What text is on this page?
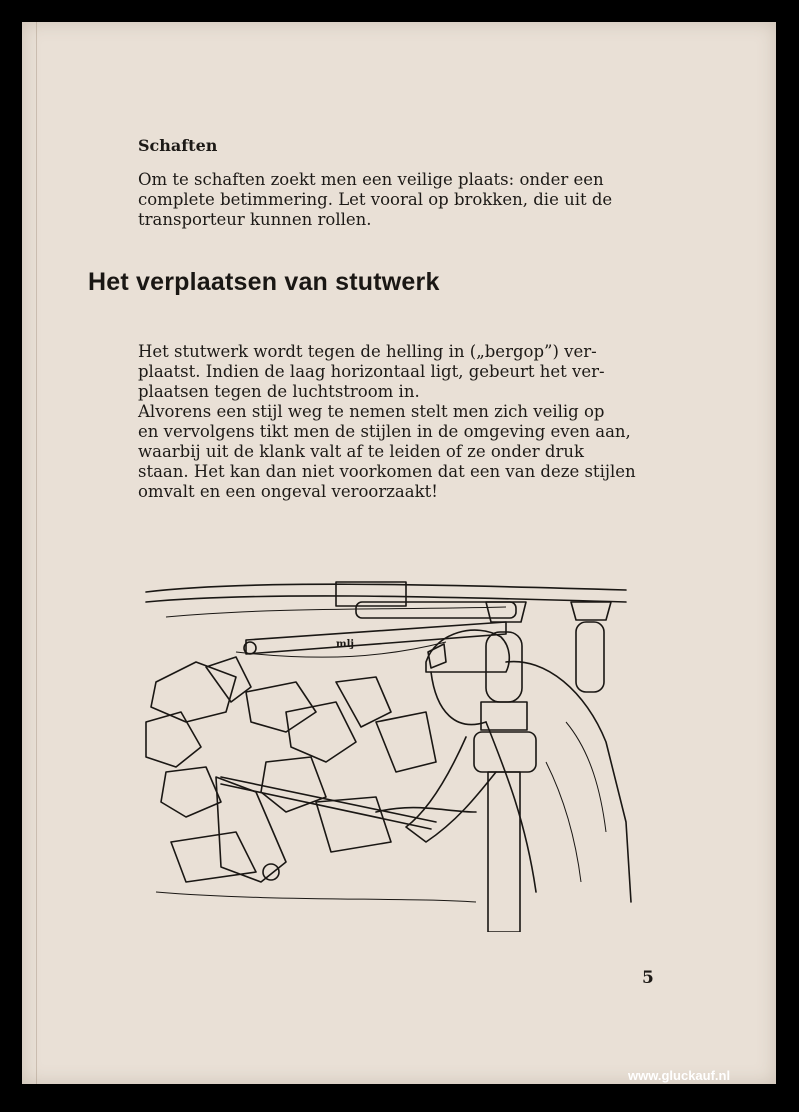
Schaften

Om te schaften zoekt men een veilige plaats: onder een
complete betimmering. Let vooral op brokken, die uit de
transporteur kunnen rollen.

Het verplaatsen van stutwerk

Het stutwerk wordt tegen de helling in („bergop”) ver-
plaatst. Indien de laag horizontaal ligt, gebeurt het ver-
plaatsen tegen de luchtstroom in.
Alvorens een stijl weg te nemen stelt men zich veilig op
en vervolgens tikt men de stijlen in de omgeving even aan,
waarbij uit de klank valt af te leiden of ze onder druk
staan. Het kan dan niet voorkomen dat een van deze stijlen
omvalt en een ongeval veroorzaakt!

mlj
5
www.gluckauf.nl
